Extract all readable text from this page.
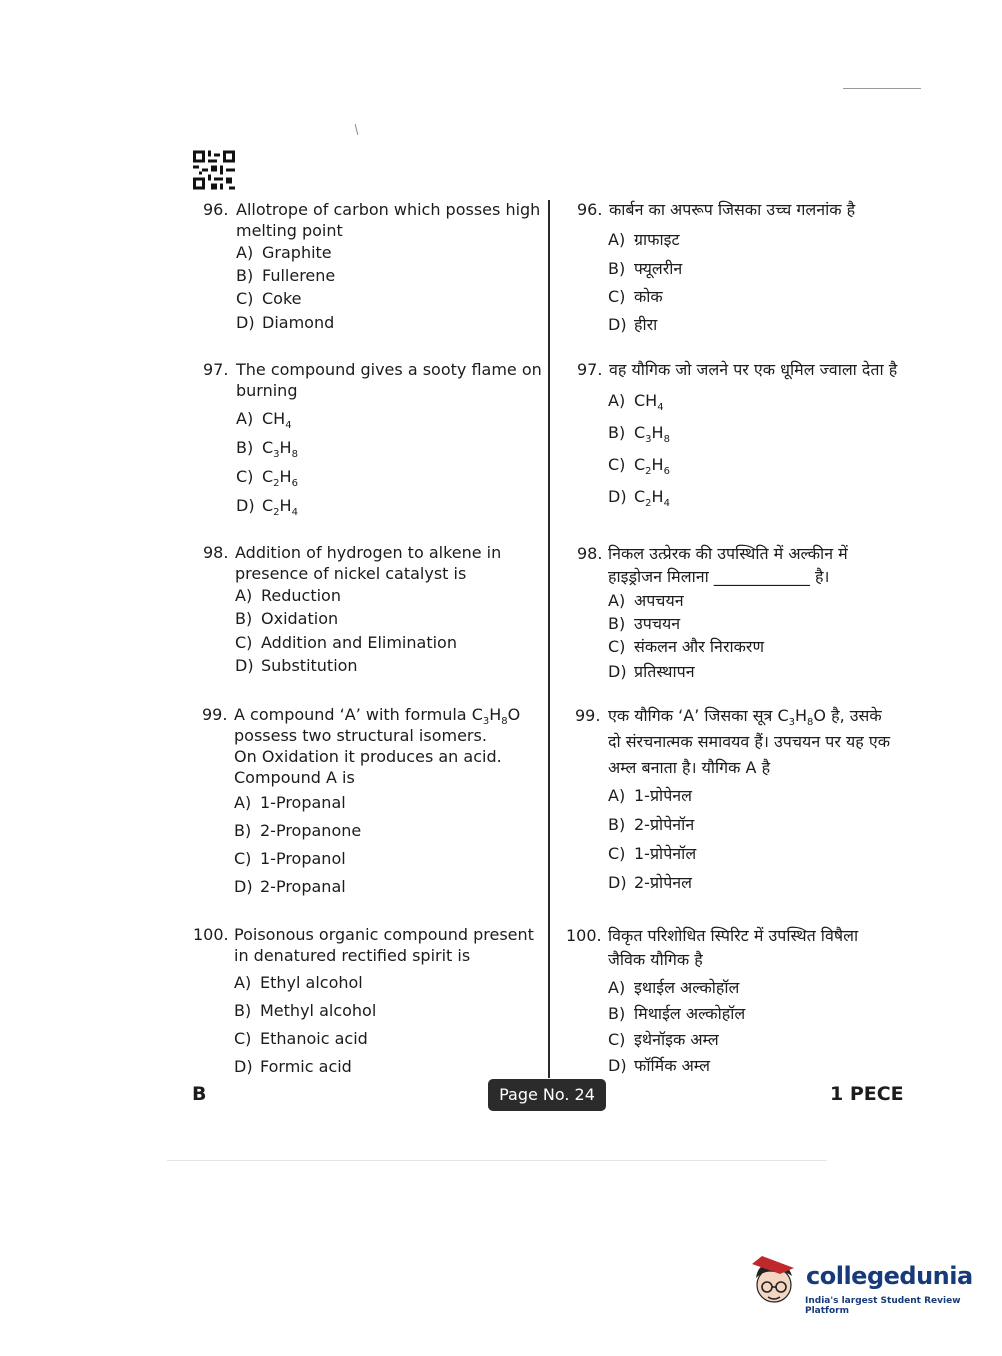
96. Allotrope of carbon which posses high
melting point
A) Graphite
B) Fullerene
C) Coke
D) Diamond
97. The compound gives a sooty flame on
burning
A) $CH_4$
B) $C_3H_8$
C) $C_2H_6$
D) $C_2H_4$
98. Addition of hydrogen to alkene in
presence of nickel catalyst is
A) Reduction
B) Oxidation
C) Addition and Elimination
D) Substitution
99. A compound ‘A’ with formula $C_3H_8O$
possess two structural isomers.
On Oxidation it produces an acid.
Compound A is
A) 1-Propanal
B) 2-Propanone
C) 1-Propanol
D) 2-Propanal
100. Poisonous organic compound present
in denatured rectified spirit is
A) Ethyl alcohol
B) Methyl alcohol
C) Ethanoic acid
D) Formic acid
96. कार्बन का अपरूप जिसका उच्च गलनांक है
A) ग्राफाइट
B) फ्यूलरीन
C) कोक
D) हीरा
97. वह यौगिक जो जलने पर एक धूमिल ज्वाला देता है
A) $CH_4$
B) $C_3H_8$
C) $C_2H_6$
D) $C_2H_4$
98. निकल उत्प्रेरक की उपस्थिति में अल्कीन में
हाइड्रोजन मिलाना ____________ है।
A) अपचयन
B) उपचयन
C) संकलन और निराकरण
D) प्रतिस्थापन
99. एक यौगिक ‘A’ जिसका सूत्र $C_3H_8O$ है, उसके
दो संरचनात्मक समावयव हैं। उपचयन पर यह एक
अम्ल बनाता है। यौगिक A है
A) 1-प्रोपेनल
B) 2-प्रोपेनॉन
C) 1-प्रोपेनॉल
D) 2-प्रोपेनल
100. विकृत परिशोधित स्पिरिट में उपस्थित विषैला
जैविक यौगिक है
A) इथाईल अल्कोहॉल
B) मिथाईल अल्कोहॉल
C) इथेनॉइक अम्ल
D) फॉर्मिक अम्ल
B	Page No. 24	1 PECE
collegedunia
India's largest Student Review Platform
